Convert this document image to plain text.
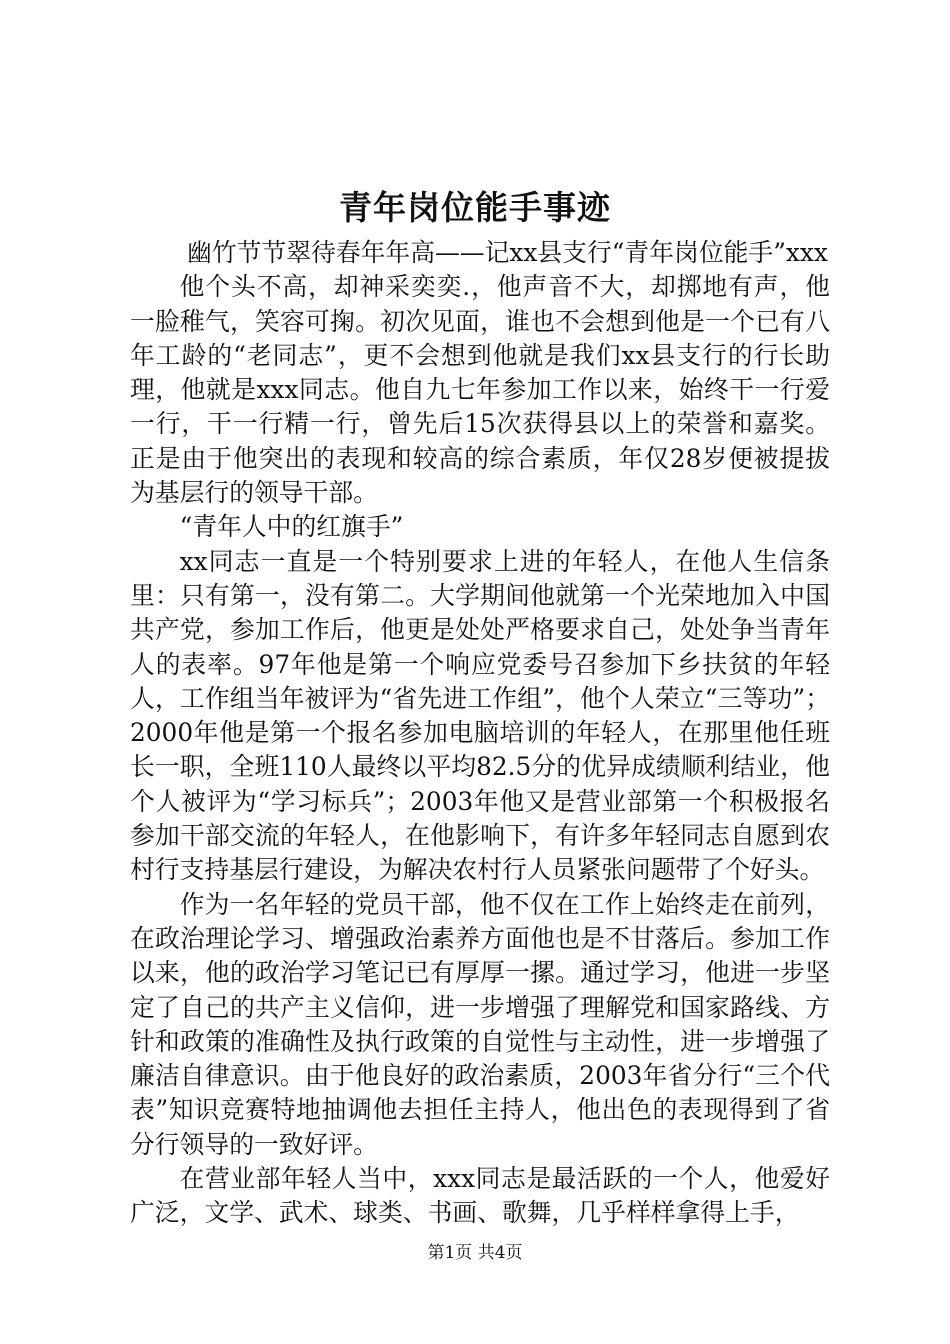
青年岗位能手事迹

幽竹节节翠待春年年高——记xx县支行“青年岗位能手”xxx

他个头不高，却神采奕奕.，他声音不大，却掷地有声，他一脸稚气，笑容可掬。初次见面，谁也不会想到他是一个已有八年工龄的“老同志”，更不会想到他就是我们xx县支行的行长助理，他就是xxx同志。他自九七年参加工作以来，始终干一行爱一行，干一行精一行，曾先后15次获得县以上的荣誉和嘉奖。正是由于他突出的表现和较高的综合素质，年仅28岁便被提拔为基层行的领导干部。

“青年人中的红旗手”

xx同志一直是一个特别要求上进的年轻人，在他人生信条里：只有第一，没有第二。大学期间他就第一个光荣地加入中国共产党，参加工作后，他更是处处严格要求自己，处处争当青年人的表率。97年他是第一个响应党委号召参加下乡扶贫的年轻人，工作组当年被评为“省先进工作组”，他个人荣立“三等功”；2000年他是第一个报名参加电脑培训的年轻人，在那里他任班长一职，全班110人最终以平均82.5分的优异成绩顺利结业，他个人被评为“学习标兵”；2003年他又是营业部第一个积极报名参加干部交流的年轻人，在他影响下，有许多年轻同志自愿到农村行支持基层行建设，为解决农村行人员紧张问题带了个好头。

作为一名年轻的党员干部，他不仅在工作上始终走在前列，在政治理论学习、增强政治素养方面他也是不甘落后。参加工作以来，他的政治学习笔记已有厚厚一摞。通过学习，他进一步坚定了自己的共产主义信仰，进一步增强了理解党和国家路线、方针和政策的准确性及执行政策的自觉性与主动性，进一步增强了廉洁自律意识。由于他良好的政治素质，2003年省分行“三个代表”知识竞赛特地抽调他去担任主持人，他出色的表现得到了省分行领导的一致好评。

在营业部年轻人当中，xxx同志是最活跃的一个人，他爱好广泛，文学、武术、球类、书画、歌舞，几乎样样拿得上手，

第1页 共4页
